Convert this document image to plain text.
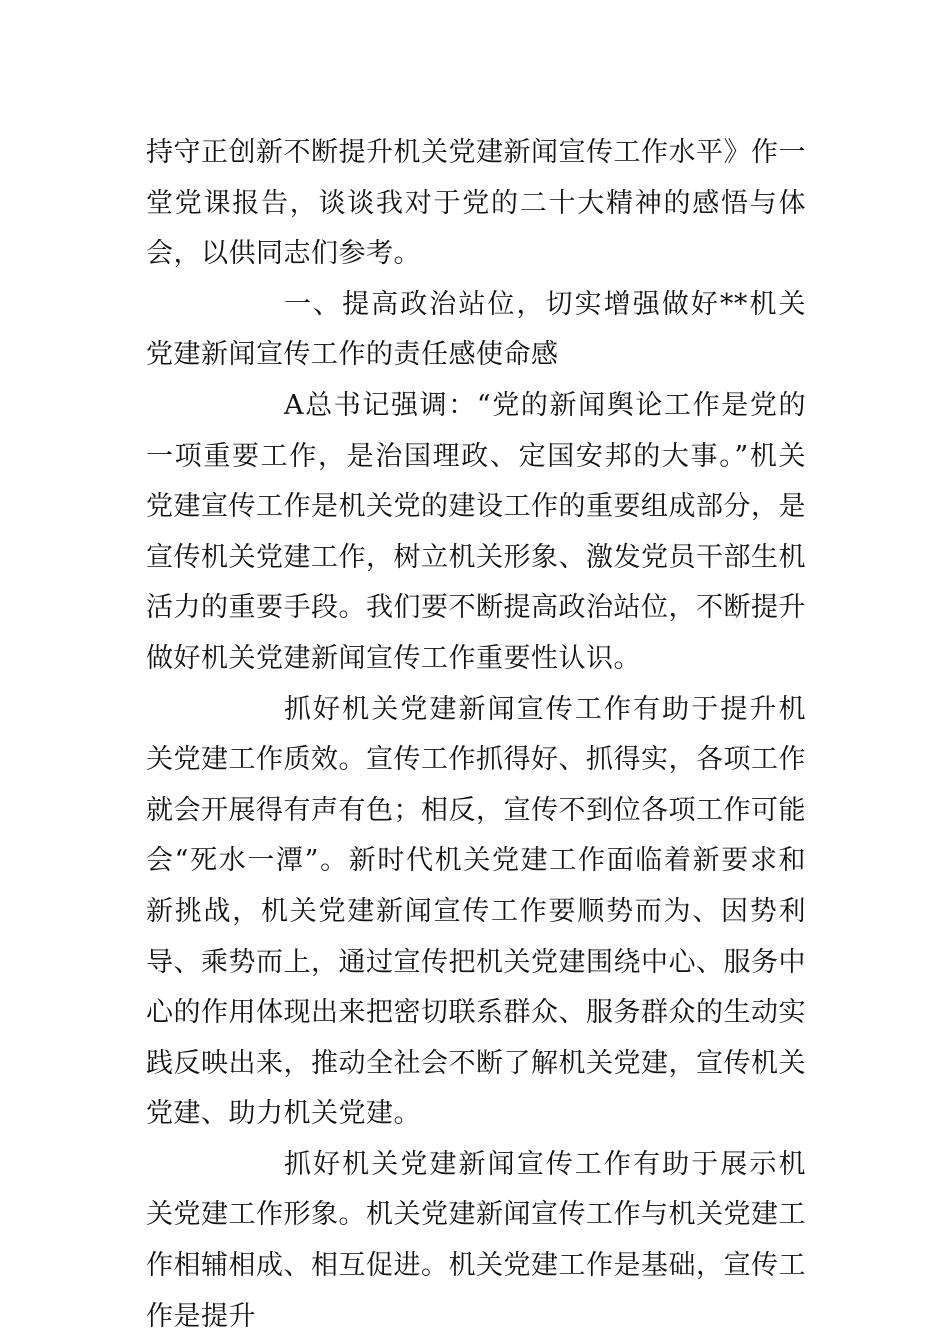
持守正创新不断提升机关党建新闻宣传工作水平》作一堂党课报告，谈谈我对于党的二十大精神的感悟与体会，以供同志们参考。

一、提高政治站位，切实增强做好**机关党建新闻宣传工作的责任感使命感

A总书记强调：“党的新闻舆论工作是党的一项重要工作，是治国理政、定国安邦的大事。”机关党建宣传工作是机关党的建设工作的重要组成部分，是宣传机关党建工作，树立机关形象、激发党员干部生机活力的重要手段。我们要不断提高政治站位，不断提升做好机关党建新闻宣传工作重要性认识。

抓好机关党建新闻宣传工作有助于提升机关党建工作质效。宣传工作抓得好、抓得实，各项工作就会开展得有声有色；相反，宣传不到位各项工作可能会“死水一潭”。新时代机关党建工作面临着新要求和新挑战，机关党建新闻宣传工作要顺势而为、因势利导、乘势而上，通过宣传把机关党建围绕中心、服务中心的作用体现出来把密切联系群众、服务群众的生动实践反映出来，推动全社会不断了解机关党建，宣传机关党建、助力机关党建。

抓好机关党建新闻宣传工作有助于展示机关党建工作形象。机关党建新闻宣传工作与机关党建工作相辅相成、相互促进。机关党建工作是基础，宣传工作是提升
